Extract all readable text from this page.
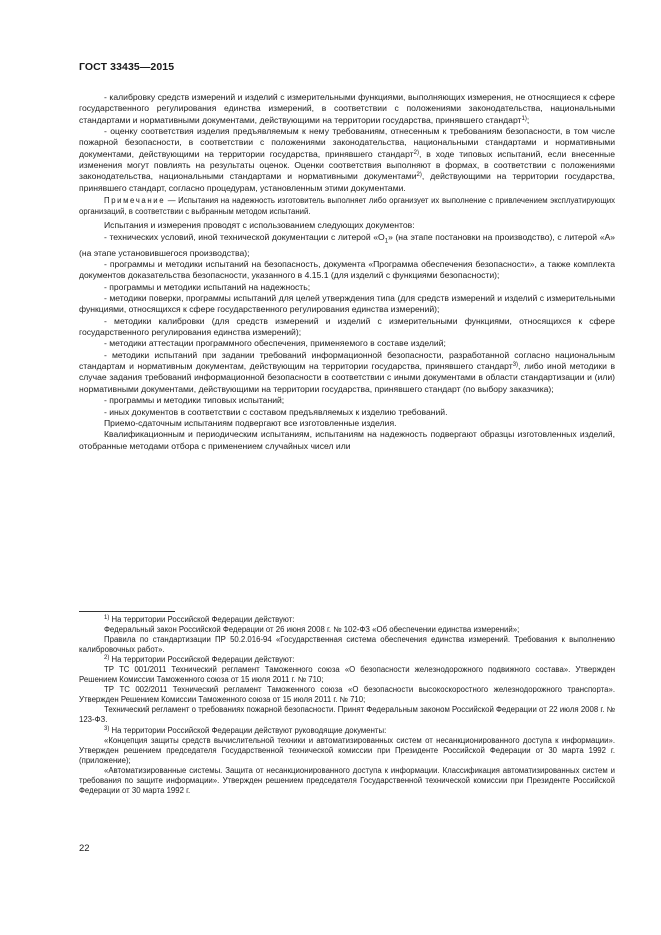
ГОСТ 33435—2015

- калибровку средств измерений и изделий с измерительными функциями, выполняющих измерения, не относящиеся к сфере государственного регулирования единства измерений, в соответствии с положениями законодательства, национальными стандартами и нормативными документами, действующими на территории государства, принявшего стандарт$^{1)}$;

- оценку соответствия изделия предъявляемым к нему требованиям, отнесенным к требованиям безопасности, в том числе пожарной безопасности, в соответствии с положениями законодательства, национальными стандартами и нормативными документами, действующими на территории государства, принявшего стандарт$^{2)}$, в ходе типовых испытаний, если внесенные изменения могут повлиять на результаты оценок. Оценки соответствия выполняют в формах, в соответствии с положениями законодательства, национальными стандартами и нормативными документами$^{2)}$, действующими на территории государства, принявшего стандарт, согласно процедурам, установленным этими документами.

Примечание — Испытания на надежность изготовитель выполняет либо организует их выполнение с привлечением эксплуатирующих организаций, в соответствии с выбранным методом испытаний.

Испытания и измерения проводят с использованием следующих документов:

- технических условий, иной технической документации с литерой «$О_1$» (на этапе постановки на производство), с литерой «А» (на этапе установившегося производства);

- программы и методики испытаний на безопасность, документа «Программа обеспечения безопасности», а также комплекта документов доказательства безопасности, указанного в 4.15.1 (для изделий с функциями безопасности);

- программы и методики испытаний на надежность;

- методики поверки, программы испытаний для целей утверждения типа (для средств измерений и изделий с измерительными функциями, относящихся к сфере государственного регулирования единства измерений);

- методики калибровки (для средств измерений и изделий с измерительными функциями, относящихся к сфере государственного регулирования единства измерений);

- методики аттестации программного обеспечения, применяемого в составе изделий;

- методики испытаний при задании требований информационной безопасности, разработанной согласно национальным стандартам и нормативным документам, действующим на территории государства, принявшего стандарт$^{3)}$, либо иной методики в случае задания требований информационной безопасности в соответствии с иными документами в области стандартизации и (или) нормативными документами, действующими на территории государства, принявшего стандарт (по выбору заказчика);

- программы и методики типовых испытаний;

- иных документов в соответствии с составом предъявляемых к изделию требований.

Приемо-сдаточным испытаниям подвергают все изготовленные изделия.

Квалификационным и периодическим испытаниям, испытаниям на надежность подвергают образцы изготовленных изделий, отобранные методами отбора с применением случайных чисел или

$^{1)}$ На территории Российской Федерации действуют:

Федеральный закон Российской Федерации от 26 июня 2008 г. № 102-ФЗ «Об обеспечении единства измерений»;

Правила по стандартизации ПР 50.2.016-94 «Государственная система обеспечения единства измерений. Требования к выполнению калибровочных работ».

$^{2)}$ На территории Российской Федерации действуют:

ТР ТС 001/2011 Технический регламент Таможенного союза «О безопасности железнодорожного подвижного состава». Утвержден Решением Комиссии Таможенного союза от 15 июля 2011 г. № 710;

ТР ТС 002/2011 Технический регламент Таможенного союза «О безопасности высокоскоростного железнодорожного транспорта». Утвержден Решением Комиссии Таможенного союза от 15 июля 2011 г. № 710;

Технический регламент о требованиях пожарной безопасности. Принят Федеральным законом Российской Федерации от 22 июля 2008 г. № 123-ФЗ.

$^{3)}$ На территории Российской Федерации действуют руководящие документы:

«Концепция защиты средств вычислительной техники и автоматизированных систем от несанкционированного доступа к информации». Утвержден решением председателя Государственной технической комиссии при Президенте Российской Федерации от 30 марта 1992 г. (приложение);

«Автоматизированные системы. Защита от несанкционированного доступа к информации. Классификация автоматизированных систем и требования по защите информации». Утвержден решением председателя Государственной технической комиссии при Президенте Российской Федерации от 30 марта 1992 г.

22
